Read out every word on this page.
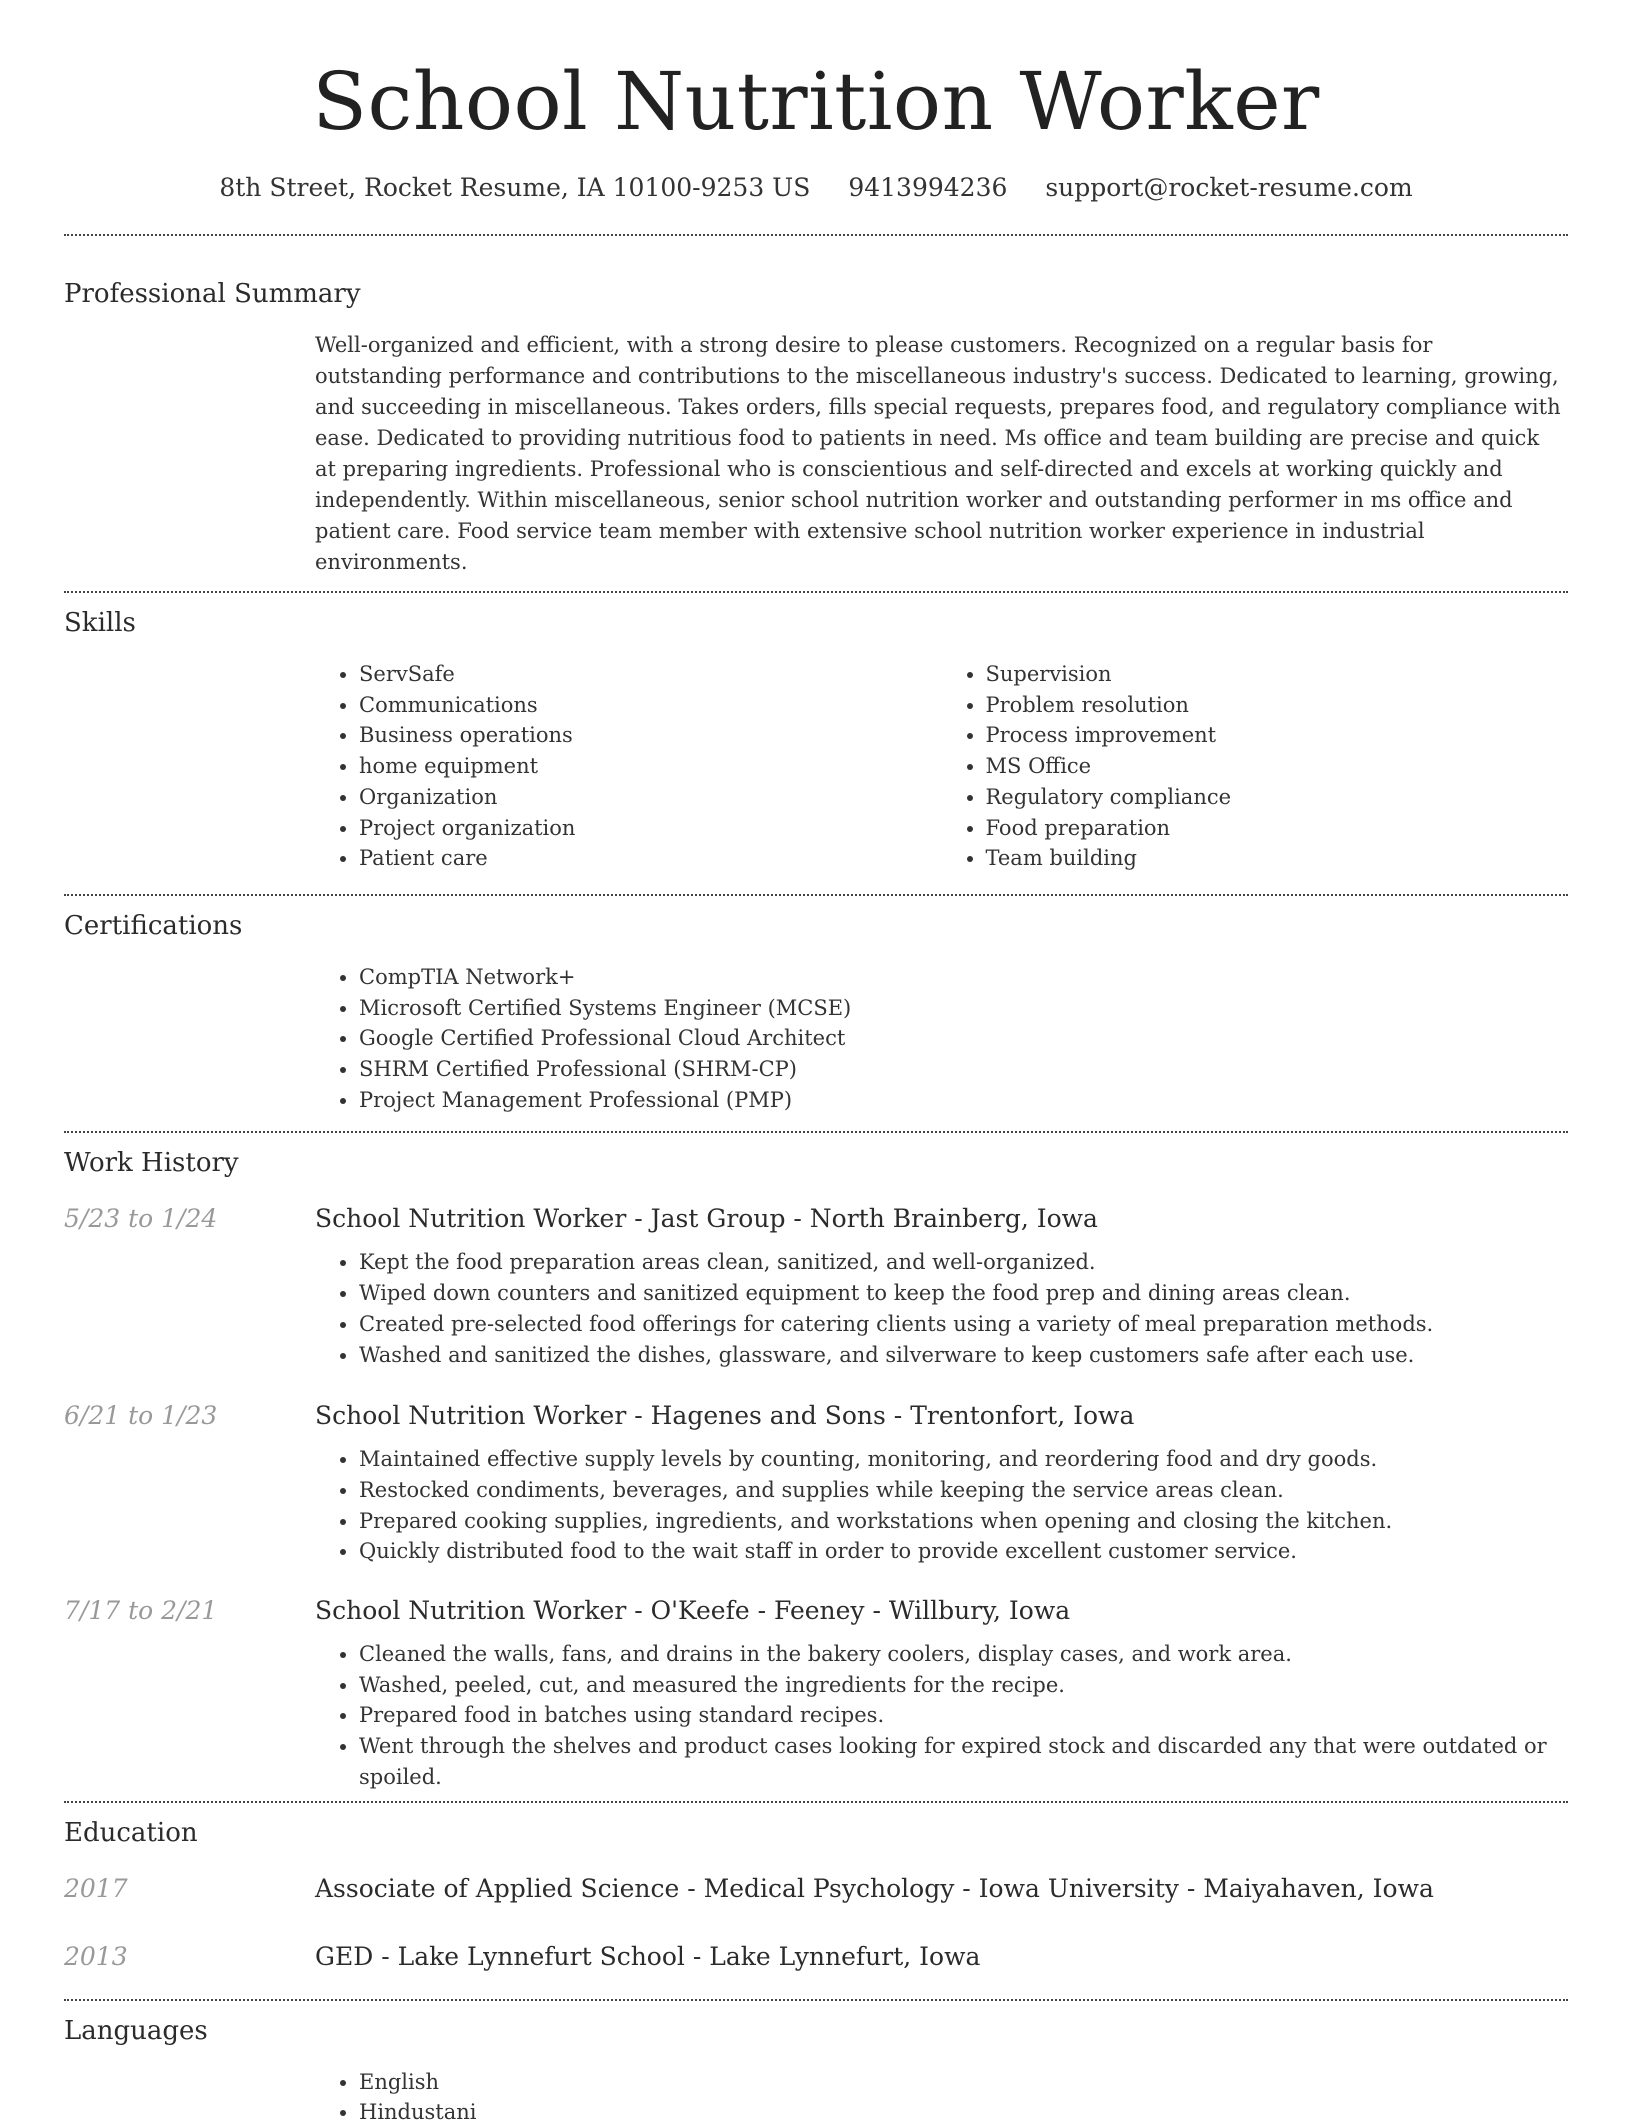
School Nutrition Worker
8th Street, Rocket Resume, IA 10100-9253 US 9413994236 support@rocket-resume.com
Professional Summary

Well-organized and efficient, with a strong desire to please customers. Recognized on a regular basis for outstanding performance and contributions to the miscellaneous industry's success. Dedicated to learning, growing, and succeeding in miscellaneous. Takes orders, fills special requests, prepares food, and regulatory compliance with ease. Dedicated to providing nutritious food to patients in need. Ms office and team building are precise and quick at preparing ingredients. Professional who is conscientious and self-directed and excels at working quickly and independently. Within miscellaneous, senior school nutrition worker and outstanding performer in ms office and patient care. Food service team member with extensive school nutrition worker experience in industrial environments.

Skills
• ServSafe
• Communications
• Business operations
• home equipment
• Organization
• Project organization
• Patient care
• Supervision
• Problem resolution
• Process improvement
• MS Office
• Regulatory compliance
• Food preparation
• Team building
Certifications
• CompTIA Network+
• Microsoft Certified Systems Engineer (MCSE)
• Google Certified Professional Cloud Architect
• SHRM Certified Professional (SHRM-CP)
• Project Management Professional (PMP)
Work History
5/23 to 1/24	School Nutrition Worker - Jast Group - North Brainberg, Iowa
• Kept the food preparation areas clean, sanitized, and well-organized.
• Wiped down counters and sanitized equipment to keep the food prep and dining areas clean.
• Created pre-selected food offerings for catering clients using a variety of meal preparation methods.
• Washed and sanitized the dishes, glassware, and silverware to keep customers safe after each use.
6/21 to 1/23	School Nutrition Worker - Hagenes and Sons - Trentonfort, Iowa
• Maintained effective supply levels by counting, monitoring, and reordering food and dry goods.
• Restocked condiments, beverages, and supplies while keeping the service areas clean.
• Prepared cooking supplies, ingredients, and workstations when opening and closing the kitchen.
• Quickly distributed food to the wait staff in order to provide excellent customer service.
7/17 to 2/21	School Nutrition Worker - O'Keefe - Feeney - Willbury, Iowa
• Cleaned the walls, fans, and drains in the bakery coolers, display cases, and work area.
• Washed, peeled, cut, and measured the ingredients for the recipe.
• Prepared food in batches using standard recipes.
• Went through the shelves and product cases looking for expired stock and discarded any that were outdated or spoiled.
Education
2017	Associate of Applied Science - Medical Psychology - Iowa University - Maiyahaven, Iowa
2013	GED - Lake Lynnefurt School - Lake Lynnefurt, Iowa
Languages
• English
• Hindustani
